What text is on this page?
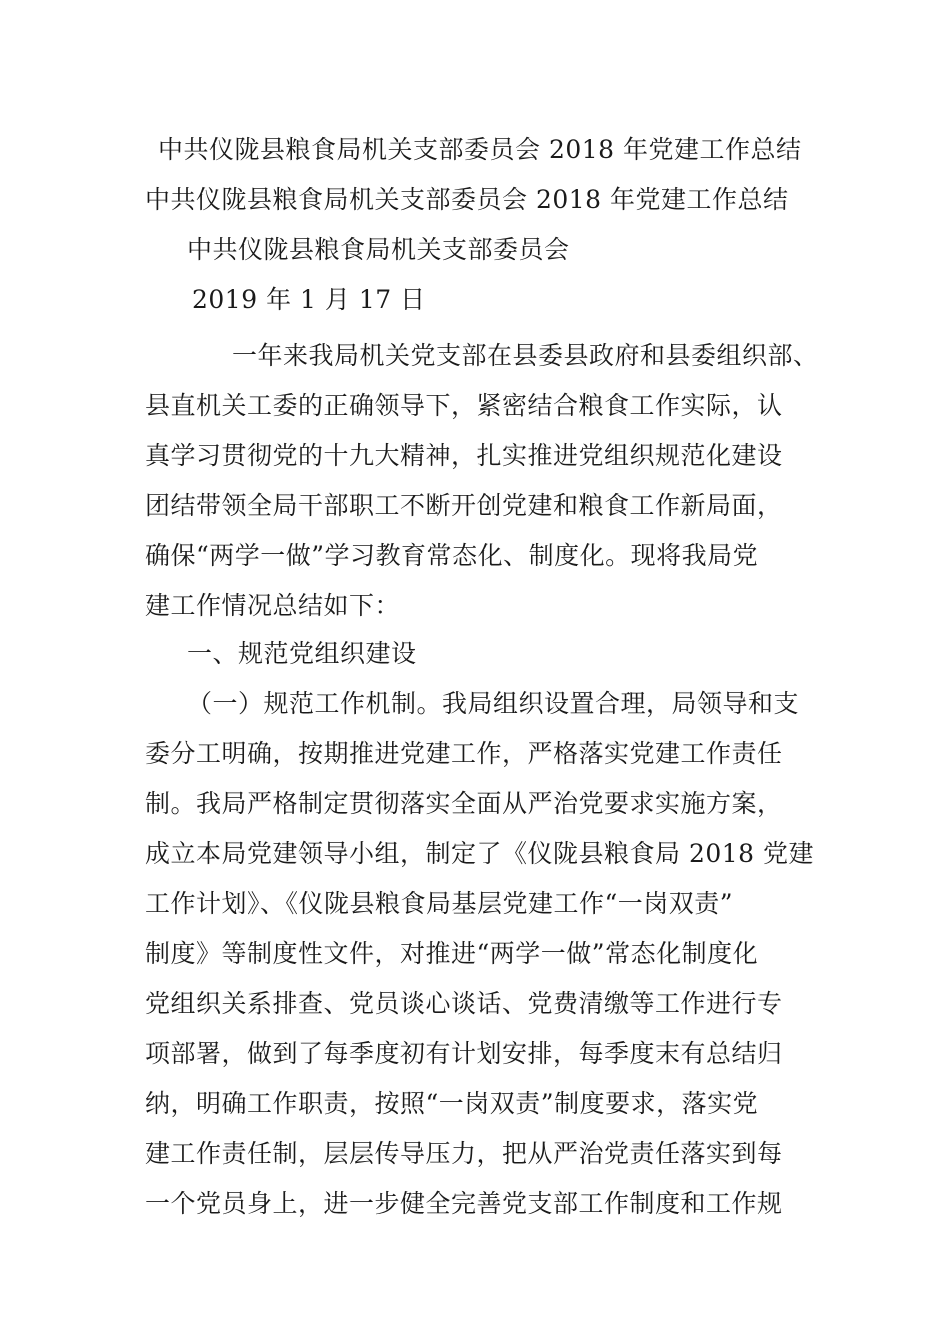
中共仪陇县粮食局机关支部委员会 2018 年党建工作总结
中共仪陇县粮食局机关支部委员会 2018 年党建工作总结
中共仪陇县粮食局机关支部委员会
2019 年 1 月 17 日
一年来我局机关党支部在县委县政府和县委组织部、
县直机关工委的正确领导下，紧密结合粮食工作实际，认
真学习贯彻党的十九大精神，扎实推进党组织规范化建设
团结带领全局干部职工不断开创党建和粮食工作新局面，
确保“两学一做”学习教育常态化、制度化。现将我局党
建工作情况总结如下：
一、规范党组织建设
（一）规范工作机制。我局组织设置合理，局领导和支
委分工明确，按期推进党建工作，严格落实党建工作责任
制。我局严格制定贯彻落实全面从严治党要求实施方案，
成立本局党建领导小组，制定了《仪陇县粮食局 2018 党建
工作计划》、《仪陇县粮食局基层党建工作“一岗双责”
制度》等制度性文件，对推进“两学一做”常态化制度化
党组织关系排查、党员谈心谈话、党费清缴等工作进行专
项部署，做到了每季度初有计划安排，每季度末有总结归
纳，明确工作职责，按照“一岗双责”制度要求，落实党
建工作责任制，层层传导压力，把从严治党责任落实到每
一个党员身上，进一步健全完善党支部工作制度和工作规
